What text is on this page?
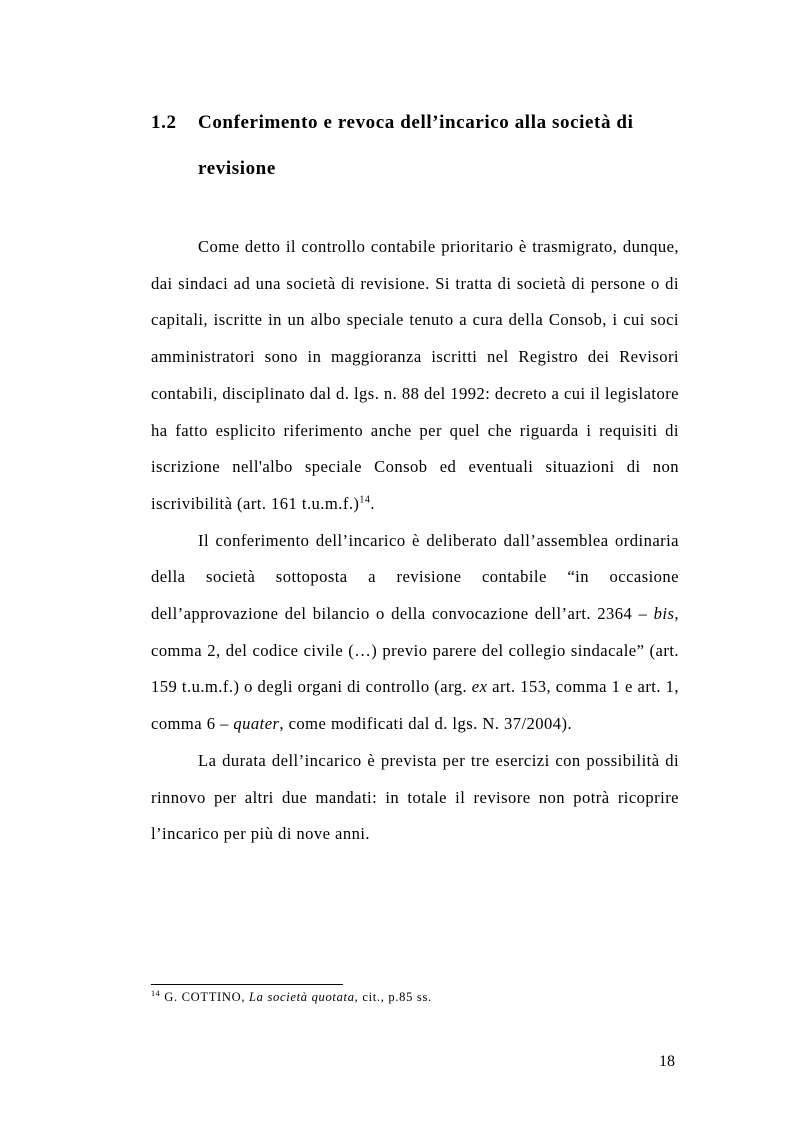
1.2 Conferimento e revoca dell’incarico alla società di
revisione

Come detto il controllo contabile prioritario è trasmigrato, dunque, dai sindaci ad una società di revisione. Si tratta di società di persone o di capitali, iscritte in un albo speciale tenuto a cura della Consob, i cui soci amministratori sono in maggioranza iscritti nel Registro dei Revisori contabili, disciplinato dal d. lgs. n. 88 del 1992: decreto a cui il legislatore ha fatto esplicito riferimento anche per quel che riguarda i requisiti di iscrizione nell'albo speciale Consob ed eventuali situazioni di non iscrivibilità (art. 161 t.u.m.f.)$^{14}$.

Il conferimento dell’incarico è deliberato dall’assemblea ordinaria della società sottoposta a revisione contabile “in occasione dell’approvazione del bilancio o della convocazione dell’art. 2364 – bis, comma 2, del codice civile (…) previo parere del collegio sindacale” (art. 159 t.u.m.f.) o degli organi di controllo (arg. ex art. 153, comma 1 e art. 1, comma 6 – quater, come modificati dal d. lgs. N. 37/2004).

La durata dell’incarico è prevista per tre esercizi con possibilità di rinnovo per altri due mandati: in totale il revisore non potrà ricoprire l’incarico per più di nove anni.

$^{14}$ G. COTTINO, La società quotata, cit., p.85 ss.
18
